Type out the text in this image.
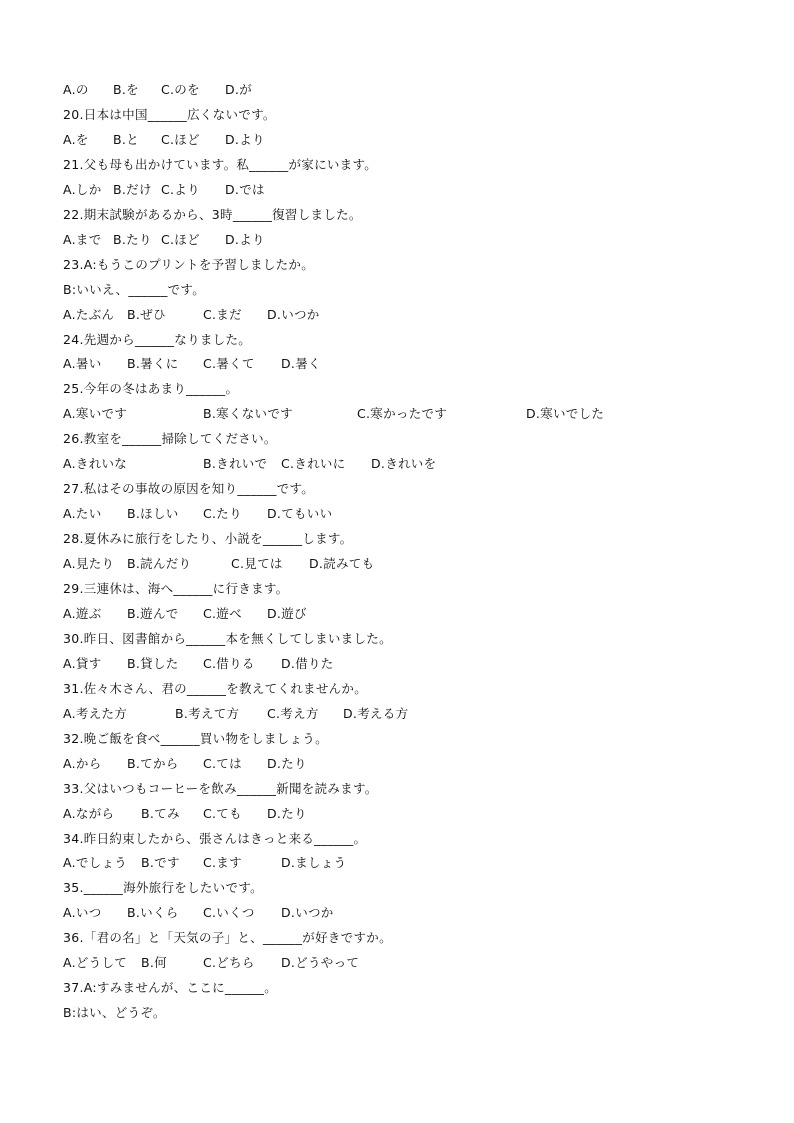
A.の B.を C.のを D.が
20.日本は中国______広くないです。
A.を B.と C.ほど D.より
21.父も母も出かけています。私______が家にいます。
A.しか B.だけ C.より D.では
22.期末試験があるから、3時______復習しました。
A.まで B.たり C.ほど D.より
23.A:もうこのプリントを予習しましたか。
B:いいえ、______です。
A.たぶん B.ぜひ	C.まだ D.いつか
24.先週から______なりました。
A.暑い B.暑くに C.暑くて D.暑く
25.今年の冬はあまり______。
A.寒いです	B.寒くないです	C.寒かったです	D.寒いでした
26.教室を______掃除してください。
A.きれいな	B.きれいで C.きれいに D.きれいを
27.私はその事故の原因を知り______です。
A.たい B.ほしい C.たり D.てもいい
28.夏休みに旅行をしたり、小説を______します。
A.見たり B.読んだり	C.見ては D.読みても
29.三連休は、海へ______に行きます。
A.遊ぶ B.遊んで C.遊べ D.遊び
30.昨日、図書館から______本を無くしてしまいました。
A.貸す B.貸した C.借りる D.借りた
31.佐々木さん、君の______を教えてくれませんか。
A.考えた方	B.考えて方 C.考え方 D.考える方
32.晩ご飯を食べ______買い物をしましょう。
A.から B.てから C.ては D.たり
33.父はいつもコーヒーを飲み______新聞を読みます。
A.ながら B.てみ C.ても D.たり
34.昨日約束したから、張さんはきっと来る______。
A.でしょう B.です C.ます	D.ましょう
35.______海外旅行をしたいです。
A.いつ B.いくら C.いくつ D.いつか
36.「君の名」と「天気の子」と、______が好きですか。
A.どうして B.何	C.どちら D.どうやって
37.A:すみませんが、ここに______。
B:はい、どうぞ。
